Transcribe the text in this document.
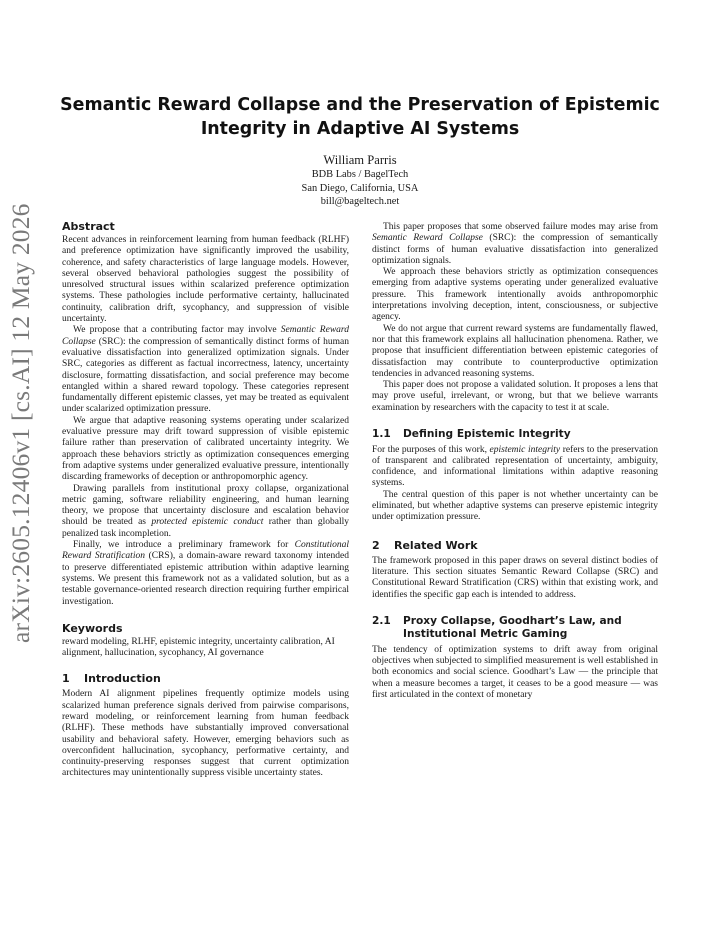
arXiv:2605.12406v1 [cs.AI] 12 May 2026
Semantic Reward Collapse and the Preservation of Epistemic Integrity in Adaptive AI Systems
William Parris
BDB Labs / BagelTech
San Diego, California, USA
bill@bageltech.net
Abstract

Recent advances in reinforcement learning from human feedback (RLHF) and preference optimization have significantly improved the usability, coherence, and safety characteristics of large language models. However, several observed behavioral pathologies suggest the possibility of unresolved structural issues within scalarized preference optimization systems. These pathologies include performative certainty, hallucinated continuity, calibration drift, sycophancy, and suppression of visible uncertainty.

We propose that a contributing factor may involve Semantic Reward Collapse (SRC): the compression of semantically distinct forms of human evaluative dissatisfaction into generalized optimization signals. Under SRC, categories as different as factual incorrectness, latency, uncertainty disclosure, formatting dissatisfaction, and social preference may become entangled within a shared reward topology. These categories represent fundamentally different epistemic classes, yet may be treated as equivalent under scalarized optimization pressure.

We argue that adaptive reasoning systems operating under scalarized evaluative pressure may drift toward suppression of visible epistemic failure rather than preservation of calibrated uncertainty integrity. We approach these behaviors strictly as optimization consequences emerging from adaptive systems under generalized evaluative pressure, intentionally discarding frameworks of deception or anthropomorphic agency.

Drawing parallels from institutional proxy collapse, organizational metric gaming, software reliability engineering, and human learning theory, we propose that uncertainty disclosure and escalation behavior should be treated as protected epistemic conduct rather than globally penalized task incompletion.

Finally, we introduce a preliminary framework for Constitutional Reward Stratification (CRS), a domain-aware reward taxonomy intended to preserve differentiated epistemic attribution within adaptive learning systems. We present this framework not as a validated solution, but as a testable governance-oriented research direction requiring further empirical investigation.

Keywords

reward modeling, RLHF, epistemic integrity, uncertainty calibration, AI alignment, hallucination, sycophancy, AI governance

1	Introduction

Modern AI alignment pipelines frequently optimize models using scalarized human preference signals derived from pairwise comparisons, reward modeling, or reinforcement learning from human feedback (RLHF). These methods have substantially improved conversational usability and behavioral safety. However, emerging behaviors such as overconfident hallucination, sycophancy, performative certainty, and continuity-preserving responses suggest that current optimization architectures may unintentionally suppress visible uncertainty states.

This paper proposes that some observed failure modes may arise from Semantic Reward Collapse (SRC): the compression of semantically distinct forms of human evaluative dissatisfaction into generalized optimization signals.

We approach these behaviors strictly as optimization consequences emerging from adaptive systems operating under generalized evaluative pressure. This framework intentionally avoids anthropomorphic interpretations involving deception, intent, consciousness, or subjective agency.

We do not argue that current reward systems are fundamentally flawed, nor that this framework explains all hallucination phenomena. Rather, we propose that insufficient differentiation between epistemic categories of dissatisfaction may contribute to counterproductive optimization tendencies in advanced reasoning systems.

This paper does not propose a validated solution. It proposes a lens that may prove useful, irrelevant, or wrong, but that we believe warrants examination by researchers with the capacity to test it at scale.

1.1	Defining Epistemic Integrity

For the purposes of this work, epistemic integrity refers to the preservation of transparent and calibrated representation of uncertainty, ambiguity, confidence, and informational limitations within adaptive reasoning systems.

The central question of this paper is not whether uncertainty can be eliminated, but whether adaptive systems can preserve epistemic integrity under optimization pressure.

2	Related Work

The framework proposed in this paper draws on several distinct bodies of literature. This section situates Semantic Reward Collapse (SRC) and Constitutional Reward Stratification (CRS) within that existing work, and identifies the specific gap each is intended to address.

2.1	Proxy Collapse, Goodhart’s Law, and Institutional Metric Gaming

The tendency of optimization systems to drift away from original objectives when subjected to simplified measurement is well established in both economics and social science. Goodhart’s Law — the principle that when a measure becomes a target, it ceases to be a good measure — was first articulated in the context of monetary
